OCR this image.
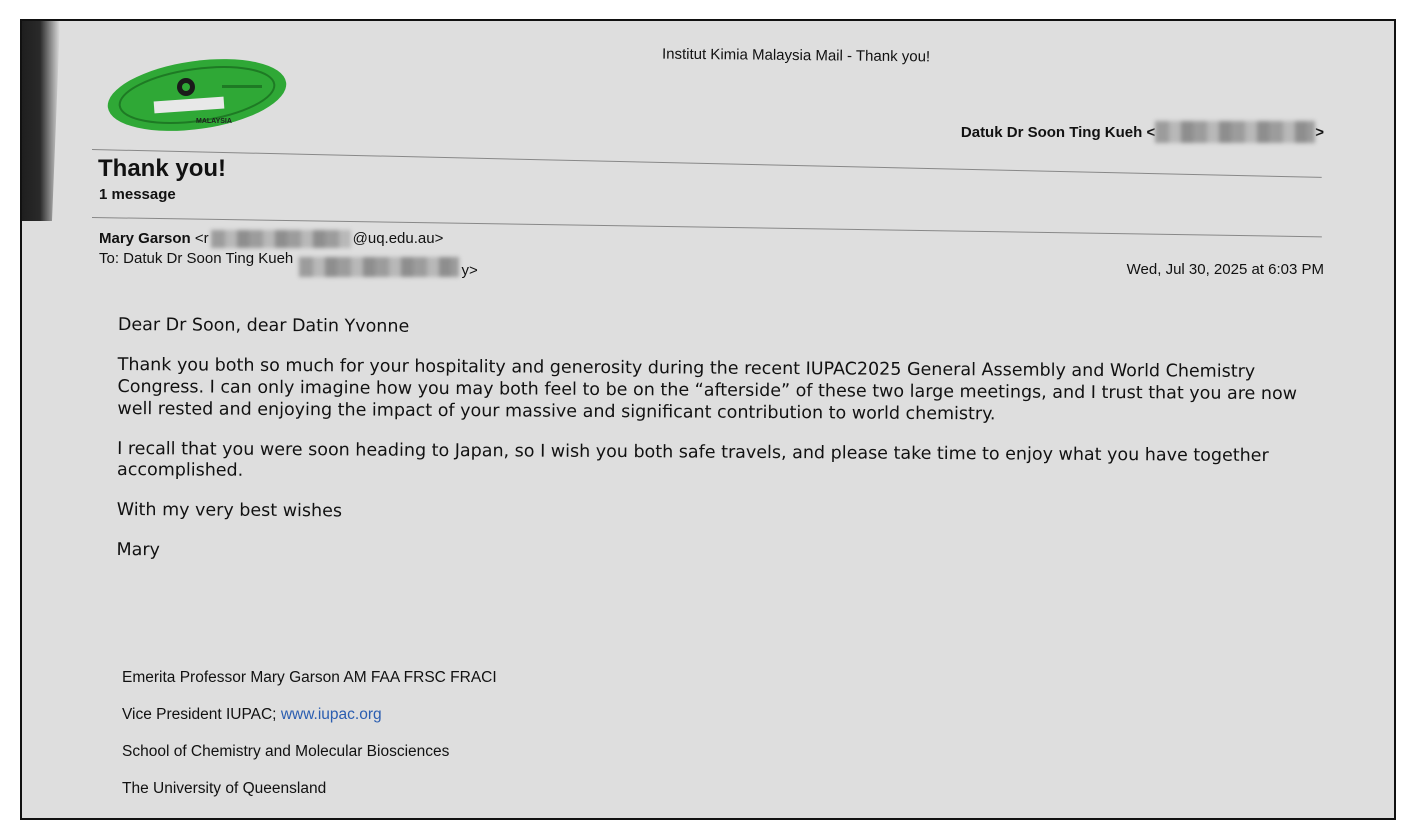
MALAYSIA
Institut Kimia Malaysia Mail - Thank you!
Datuk Dr Soon Ting Kueh
<	>
Thank you!
1 message
Mary Garson <r	@uq.edu.au>
To: Datuk Dr Soon Ting Kueh y>	Wed, Jul 30, 2025 at 6:03 PM

Dear Dr Soon, dear Datin Yvonne

Thank you both so much for your hospitality and generosity during the recent IUPAC2025 General Assembly and World Chemistry Congress. I can only imagine how you may both feel to be on the “afterside” of these two large meetings, and I trust that you are now well rested and enjoying the impact of your massive and significant contribution to world chemistry.

I recall that you were soon heading to Japan, so I wish you both safe travels, and please take time to enjoy what you have together accomplished.

With my very best wishes

Mary

Emerita Professor Mary Garson AM FAA FRSC FRACI
Vice President IUPAC; www.iupac.org
School of Chemistry and Molecular Biosciences
The University of Queensland
